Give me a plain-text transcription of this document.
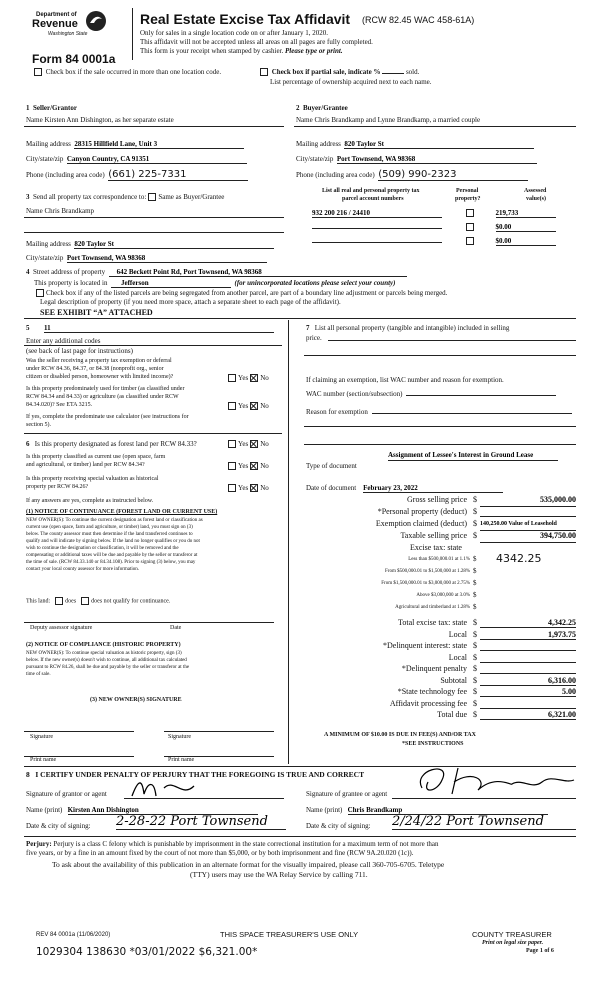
Department of
Revenue
Washington State
Form 84 0001a
Real Estate Excise Tax Affidavit (RCW 82.45 WAC 458-61A)
Only for sales in a single location code on or after January 1, 2020.
This affidavit will not be accepted unless all areas on all pages are fully completed.
This form is your receipt when stamped by cashier. Please type or print.
Check box if the sale occurred in more than one location code.	Check box if partial sale, indicate %	sold.
List percentage of ownership acquired next to each name.
1 Seller/Grantor
Name Kirsten Ann Dishington, as her separate estate
2 Buyer/Grantee
Name Chris Brandkamp and Lynne Brandkamp, a married couple
Mailing address 28315 Hillfield Lane, Unit 3
City/state/zip Canyon Country, CA 91351
Phone (including area code) (661) 225-7331
Mailing address 820 Taylor St
City/state/zip Port Townsend, WA 98368
Phone (including area code) (509) 990-2323
3 Send all property tax correspondence to: Same as Buyer/Grantee
Name Chris Brandkamp
Mailing address 820 Taylor St
City/state/zip Port Townsend, WA 98368
List all real and personal property tax
parcel account numbers
Personal
property?
Assessed
value(s)
932 200 216 / 24410	219,733
$0.00
$0.00
4 Street address of property 642 Beckett Point Rd, Port Townsend, WA 98368
This property is located in Jefferson	(for unincorporated locations please select your county)
Check box if any of the listed parcels are being segregated from another parcel, are part of a boundary line adjustment or parcels being merged.
Legal description of property (if you need more space, attach a separate sheet to each page of the affidavit).
SEE EXHIBIT “A” ATTACHED
5 11
Enter any additional codes
(see back of last page for instructions)
Was the seller receiving a property tax exemption or deferral
under RCW 84.36, 84.37, or 84.38 (nonprofit org., senior
citizen or disabled person, homeowner with limited income)?	Yes No
Is this property predominately used for timber (as classified under
RCW 84.34 and 84.33) or agriculture (as classified under RCW
84.34.020)? See ETA 3215.	Yes No
If yes, complete the predominate use calculator (see instructions for
section 5).
6 Is this property designated as forest land per RCW 84.33?	Yes No
Is this property classified as current use (open space, farm
and agricultural, or timber) land per RCW 84.34?	Yes No
Is this property receiving special valuation as historical
property per RCW 84.26?	Yes No
If any answers are yes, complete as instructed below.
(1) NOTICE OF CONTINUANCE (FOREST LAND OR CURRENT USE)
NEW OWNER(S): To continue the current designation as forest land or classification as
current use (open space, farm and agriculture, or timber) land, you must sign on (3)
below. The county assessor must then determine if the land transferred continues to
qualify and will indicate by signing below. If the land no longer qualifies or you do not
wish to continue the designation or classification, it will be removed and the
compensating or additional taxes will be due and payable by the seller or transferor at
the time of sale. (RCW 84.33.140 or 84.34.108). Prior to signing (3) below, you may
contact your local county assessor for more information.
This land:	does	does not qualify for continuance.
Deputy assessor signature	Date
(2) NOTICE OF COMPLIANCE (HISTORIC PROPERTY)
NEW OWNER(S): To continue special valuation as historic property, sign (3)
below. If the new owner(s) doesn't wish to continue, all additional tax calculated
pursuant to RCW 84.26, shall be due and payable by the seller or transferor at the
time of sale.
(3) NEW OWNER(S) SIGNATURE
Signature	Signature
Print name	Print name
7 List all personal property (tangible and intangible) included in selling
price.
If claiming an exemption, list WAC number and reason for exemption.
WAC number (section/subsection)
Reason for exemption
Type of document
Assignment of Lessee's Interest in Ground Lease
Date of document February 23, 2022
Gross selling price $	535,000.00
*Personal property (deduct) $
Exemption claimed (deduct) $ 140,250.00 Value of Leasehold
Taxable selling price $	394,750.00
Excise tax: state
Less than $500,000.01 at 1.1% $ 4342.25
From $500,000.01 to $1,500,000 at 1.28% $
From $1,500,000.01 to $3,000,000 at 2.75% $
Above $3,000,000 at 3.0% $
Agricultural and timberland at 1.28% $
Total excise tax: state $	4,342.25
Local $	1,973.75
*Delinquent interest: state $
Local $
*Delinquent penalty $
Subtotal $	6,316.00
*State technology fee $	5.00
Affidavit processing fee $
Total due $	6,321.00
A MINIMUM OF $10.00 IS DUE IN FEE(S) AND/OR TAX
*SEE INSTRUCTIONS
8 I CERTIFY UNDER PENALTY OF PERJURY THAT THE FOREGOING IS TRUE AND CORRECT
Signature of grantor or agent
Name (print) Kirsten Ann Dishington
Date & city of signing: 2-28-22 Port Townsend
Signature of grantee or agent
Name (print) Chris Brandkamp
Date & city of signing: 2/24/22 Port Townsend
Perjury: Perjury is a class C felony which is punishable by imprisonment in the state correctional institution for a maximum term of not more than
five years, or by a fine in an amount fixed by the court of not more than $5,000, or by both imprisonment and fine (RCW 9A.20.020 (1c)).
To ask about the availability of this publication in an alternate format for the visually impaired, please call 360-705-6705. Teletype
(TTY) users may use the WA Relay Service by calling 711.
REV 84 0001a (11/06/2020)	THIS SPACE TREASURER'S USE ONLY	COUNTY TREASURER
Print on legal size paper.
Page 1 of 6
1029304 138630 *03/01/2022 $6,321.00*
